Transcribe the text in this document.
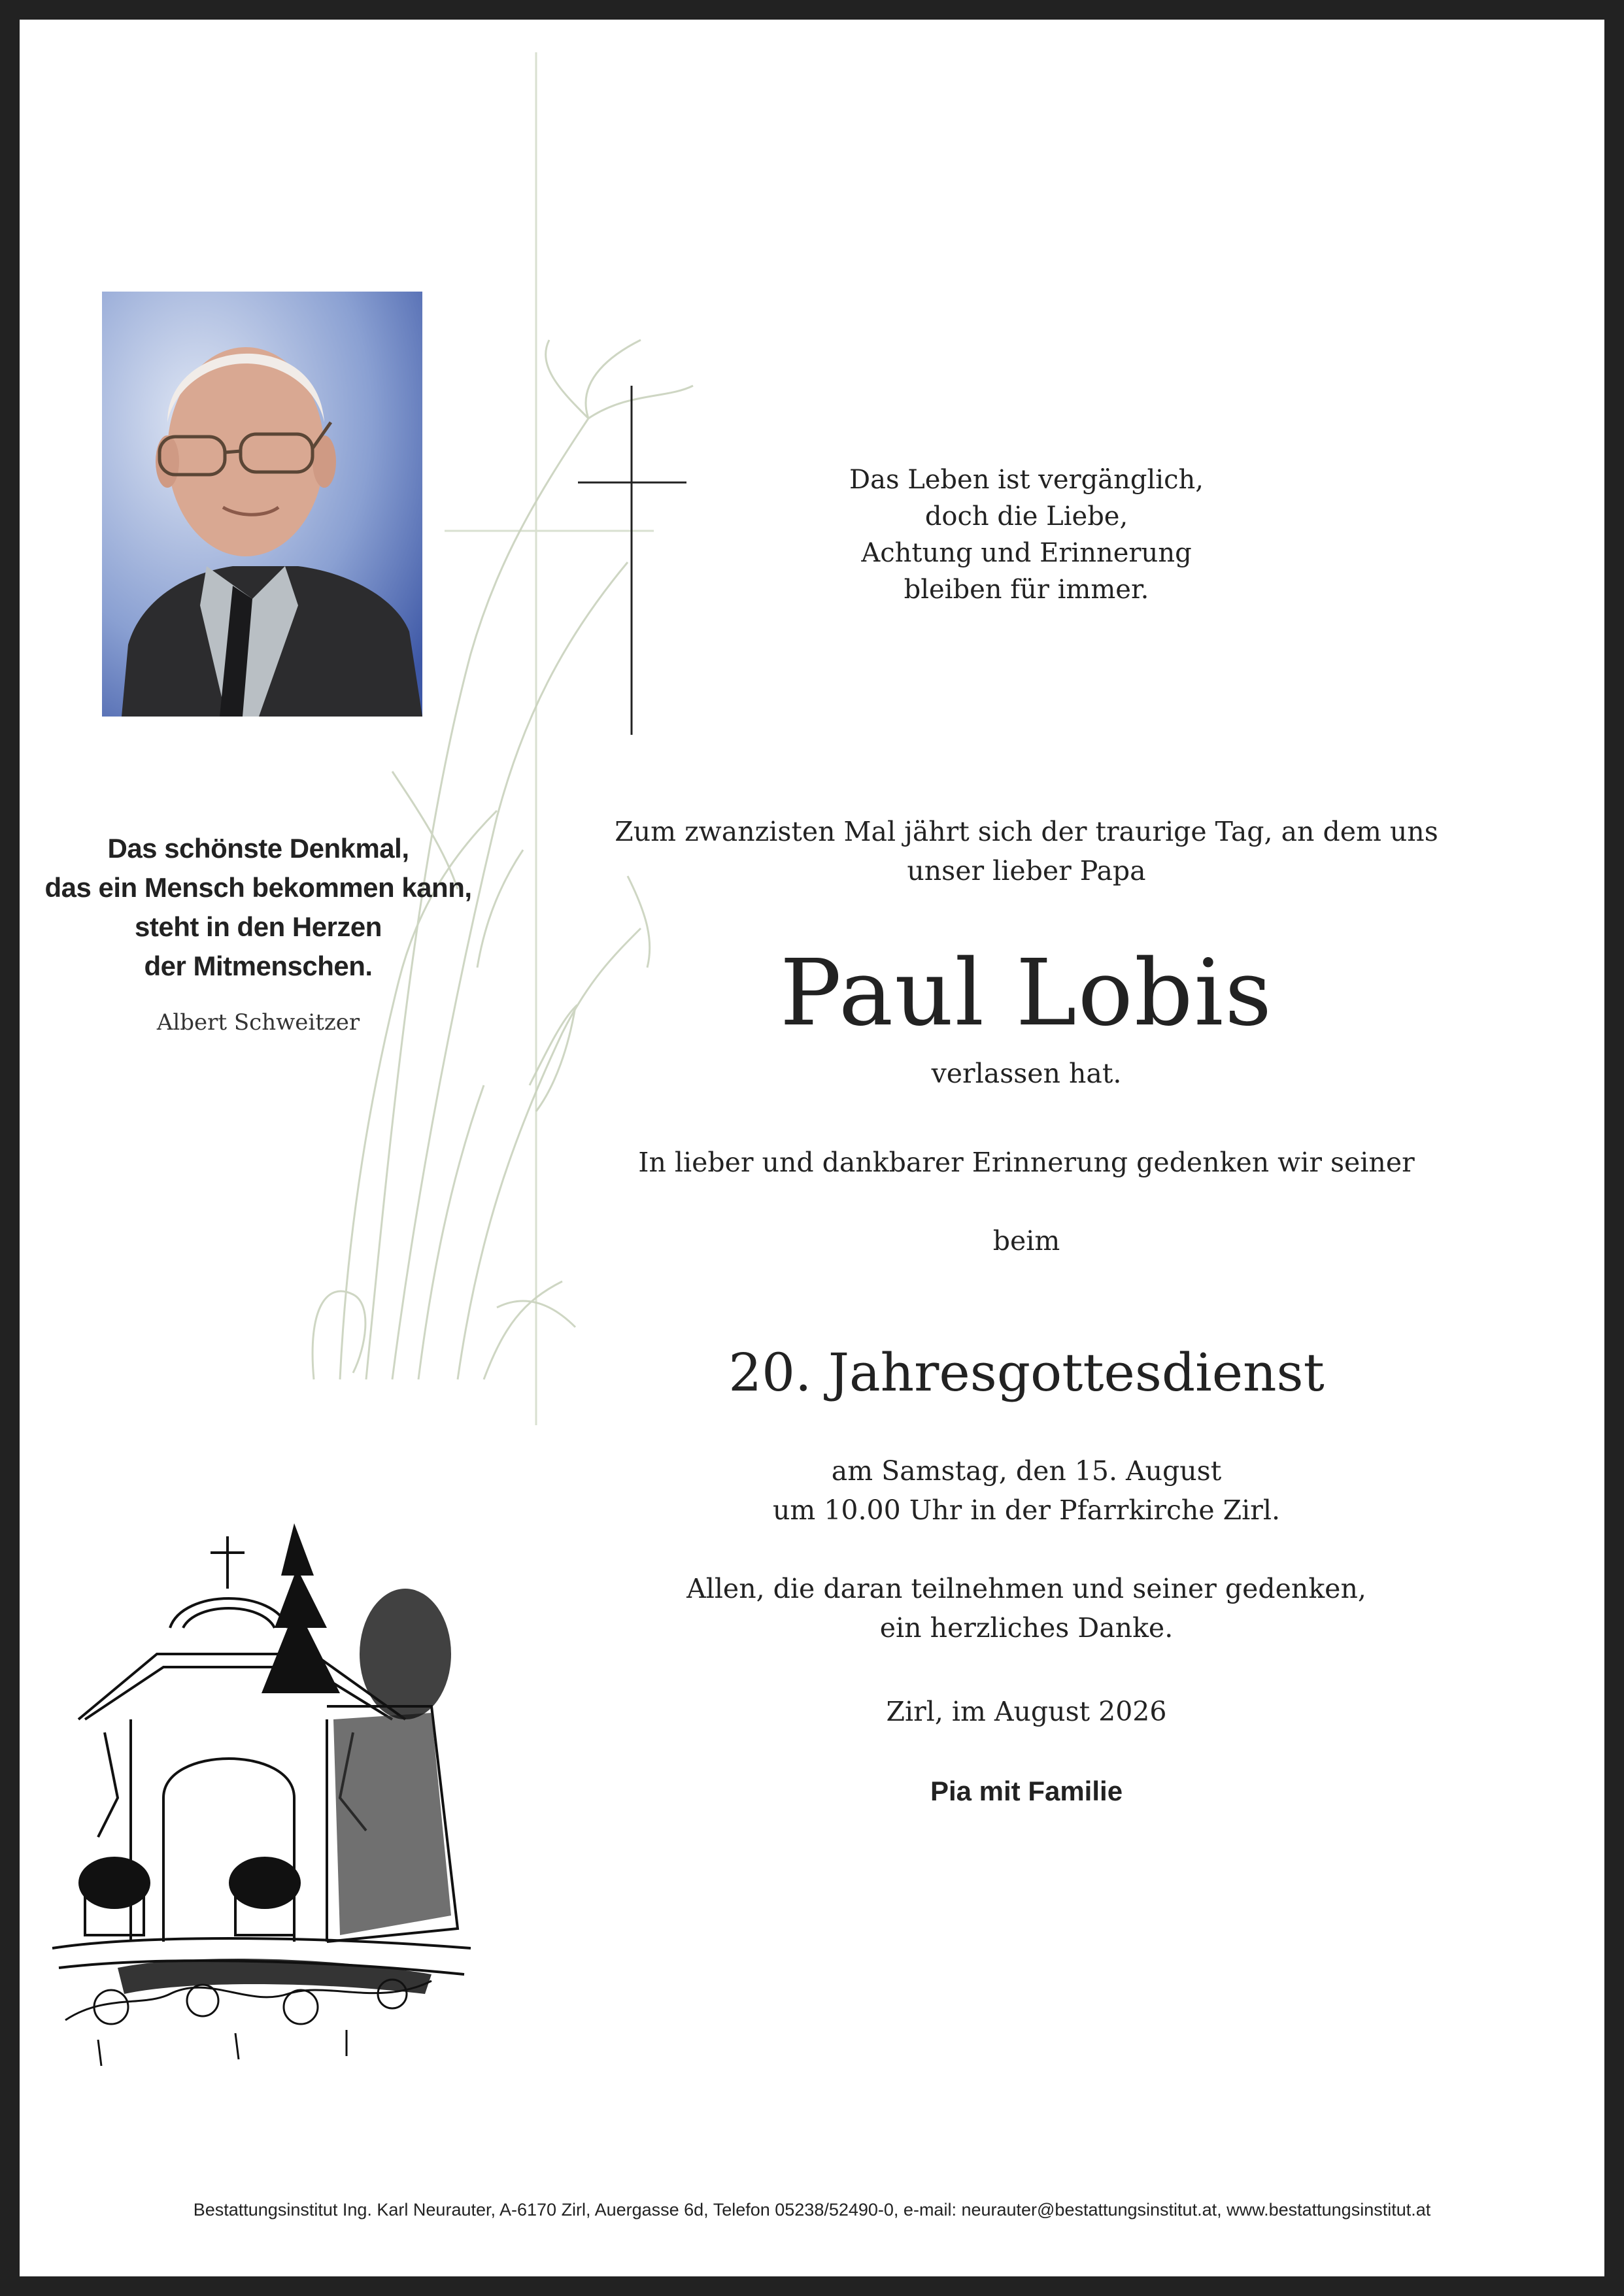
Das schönste Denkmal,
das ein Mensch bekommen kann,
steht in den Herzen
der Mitmenschen.
Albert Schweitzer
Das Leben ist vergänglich,
doch die Liebe,
Achtung und Erinnerung
bleiben für immer.
Zum zwanzisten Mal jährt sich der traurige Tag, an dem uns
unser lieber Papa
Paul Lobis
verlassen hat.
In lieber und dankbarer Erinnerung gedenken wir seiner
beim
20. Jahresgottesdienst
am Samstag, den 15. August
um 10.00 Uhr in der Pfarrkirche Zirl.
Allen, die daran teilnehmen und seiner gedenken,
ein herzliches Danke.
Zirl, im August 2026
Pia mit Familie
Bestattungsinstitut Ing. Karl Neurauter, A-6170 Zirl, Auergasse 6d, Telefon 05238/52490-0, e-mail: neurauter@bestattungsinstitut.at, www.bestattungsinstitut.at
